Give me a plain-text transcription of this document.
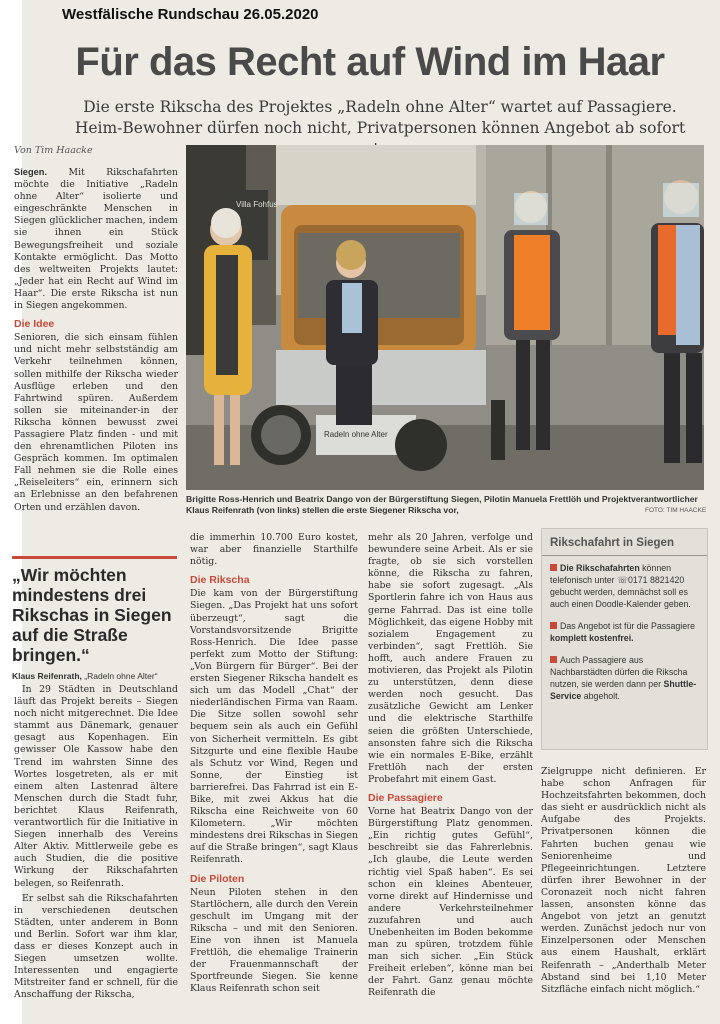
Westfälische Rundschau 26.05.2020
Für das Recht auf Wind im Haar
Die erste Rikscha des Projektes „Radeln ohne Alter“ wartet auf Passagiere.
Heim-Bewohner dürfen noch nicht, Privatpersonen können Angebot ab sofort
Von Tim Haacke

Siegen. Mit Rikschafahrten möchte die Initiative „Radeln ohne Alter“ isolierte und eingeschränkte Menschen in Siegen glücklicher machen, indem sie ihnen ein Stück Bewegungsfreiheit und soziale Kontakte ermöglicht. Das Motto des weltweiten Projekts lautet: „Jeder hat ein Recht auf Wind im Haar“. Die erste Rikscha ist nun in Siegen angekommen.

Die Idee

Senioren, die sich einsam fühlen und nicht mehr selbstständig am Verkehr teilnehmen können, sollen mithilfe der Rikscha wieder Ausflüge erleben und den Fahrtwind spüren. Außerdem sollen sie miteinander-in der Rikscha können bewusst zwei Passagiere Platz finden - und mit den ehrenamtlichen Piloten ins Gespräch kommen. Im optimalen Fall nehmen sie die Rolle eines „Reiseleiters“ ein, erinnern sich an Erlebnisse an den befahrenen Orten und erzählen davon.

„Wir möchten mindestens drei Rikschas in Siegen auf die Straße bringen.“
Klaus Reifenrath, „Radeln ohne Alter“

In 29 Städten in Deutschland läuft das Projekt bereits – Siegen noch nicht mitgerechnet. Die Idee stammt aus Dänemark, genauer gesagt aus Kopenhagen. Ein gewisser Ole Kassow habe den Trend im wahrsten Sinne des Wortes losgetreten, als er mit einem alten Lastenrad ältere Menschen durch die Stadt fuhr, berichtet Klaus Reifenrath, verantwortlich für die Initiative in Siegen innerhalb des Vereins Alter Aktiv. Mittlerweile gebe es auch Studien, die die positive Wirkung der Rikschafahrten belegen, so Reifenrath.

Er selbst sah die Rikschafahrten in verschiedenen deutschen Städten, unter anderem in Bonn und Berlin. Sofort war ihm klar, dass er dieses Konzept auch in Siegen umsetzen wollte. Interessenten und engagierte Mitstreiter fand er schnell, für die Anschaffung der Rikscha,

Villa Fohfus
Radeln ohne Alter
Brigitte Ross-Henrich und Beatrix Dango von der Bürgerstiftung Siegen, Pilotin Manuela Frettlöh und Projektverantwortlicher Klaus Reifenrath (von links) stellen die erste Siegener Rikscha vor,	FOTO: TIM HAACKE

die immerhin 10.700 Euro kostet, war aber finanzielle Starthilfe nötig.

Die Rikscha

Die kam von der Bürgerstiftung Siegen. „Das Projekt hat uns sofort überzeugt“, sagt die Vorstandsvorsitzende Brigitte Ross-Henrich. Die Idee passe perfekt zum Motto der Stiftung: „Von Bürgern für Bürger“. Bei der ersten Siegener Rikscha handelt es sich um das Modell „Chat“ der niederländischen Firma van Raam. Die Sitze sollen sowohl sehr bequem sein als auch ein Gefühl von Sicherheit vermitteln. Es gibt Sitzgurte und eine flexible Haube als Schutz vor Wind, Regen und Sonne, der Einstieg ist barrierefrei. Das Fahrrad ist ein E-Bike, mit zwei Akkus hat die Rikscha eine Reichweite von 60 Kilometern. „Wir möchten mindestens drei Rikschas in Siegen auf die Straße bringen“, sagt Klaus Reifenrath.

Die Piloten

Neun Piloten stehen in den Startlöchern, alle durch den Verein geschult im Umgang mit der Rikscha – und mit den Senioren. Eine von ihnen ist Manuela Frettlöh, die ehemalige Trainerin der Frauenmannschaft der Sportfreunde Siegen. Sie kenne Klaus Reifenrath schon seit

mehr als 20 Jahren, verfolge und bewundere seine Arbeit. Als er sie fragte, ob sie sich vorstellen könne, die Rikscha zu fahren, habe sie sofort zugesagt. „Als Sportlerin fahre ich von Haus aus gerne Fahrrad. Das ist eine tolle Möglichkeit, das eigene Hobby mit sozialem Engagement zu verbinden“, sagt Frettlöh. Sie hofft, auch andere Frauen zu motivieren, das Projekt als Pilotin zu unterstützen, denn diese werden noch gesucht. Das zusätzliche Gewicht am Lenker und die elektrische Starthilfe seien die größten Unterschiede, ansonsten fahre sich die Rikscha wie ein normales E-Bike, erzählt Frettlöh nach der ersten Probefahrt mit einem Gast.

Die Passagiere

Vorne hat Beatrix Dango von der Bürgerstiftung Platz genommen. „Ein richtig gutes Gefühl“, beschreibt sie das Fahrerlebnis. „Ich glaube, die Leute werden richtig viel Spaß haben“. Es sei schon ein kleines Abenteuer, vorne direkt auf Hindernisse und andere Verkehrsteilnehmer zuzufahren und auch Unebenheiten im Boden bekomme man zu spüren, trotzdem fühle man sich sicher. „Ein Stück Freiheit erleben“, könne man bei der Fahrt. Ganz genau möchte Reifenrath die

Rikschafahrt in Siegen
Die Rikschafahrten können telefonisch unter ☏0171 8821420 gebucht werden, demnächst soll es auch einen Doodle-Kalender geben.
Das Angebot ist für die Passagiere komplett kostenfrei.
Auch Passagiere aus Nachbarstädten dürfen die Rikscha nutzen, sie werden dann per Shuttle-Service abgeholt.

Zielgruppe nicht definieren. Er habe schon Anfragen für Hochzeitsfahrten bekommen, doch das sieht er ausdrücklich nicht als Aufgabe des Projekts. Privatpersonen können die Fahrten buchen genau wie Seniorenheime und Pflegeeinrichtungen. Letztere dürfen ihrer Bewohner in der Coronazeit noch nicht fahren lassen, ansonsten könne das Angebot von jetzt an genutzt werden. Zunächst jedoch nur von Einzelpersonen oder Menschen aus einem Haushalt, erklärt Reifenrath – „Anderthalb Meter Abstand sind bei 1,10 Meter Sitzfläche einfach nicht möglich.“
